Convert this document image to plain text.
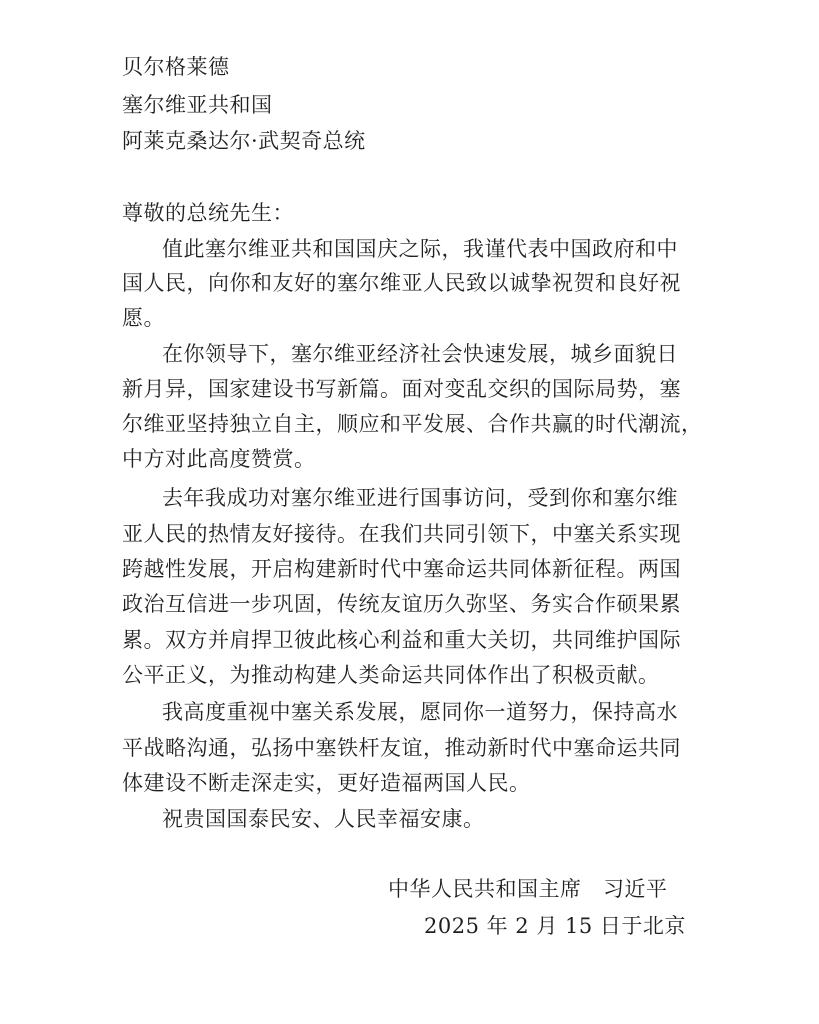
贝尔格莱德
塞尔维亚共和国
阿莱克桑达尔·武契奇总统
尊敬的总统先生：
值此塞尔维亚共和国国庆之际，我谨代表中国政府和中
国人民，向你和友好的塞尔维亚人民致以诚挚祝贺和良好祝
愿。
在你领导下，塞尔维亚经济社会快速发展，城乡面貌日
新月异，国家建设书写新篇。面对变乱交织的国际局势，塞
尔维亚坚持独立自主，顺应和平发展、合作共赢的时代潮流，
中方对此高度赞赏。
去年我成功对塞尔维亚进行国事访问，受到你和塞尔维
亚人民的热情友好接待。在我们共同引领下，中塞关系实现
跨越性发展，开启构建新时代中塞命运共同体新征程。两国
政治互信进一步巩固，传统友谊历久弥坚、务实合作硕果累
累。双方并肩捍卫彼此核心利益和重大关切，共同维护国际
公平正义，为推动构建人类命运共同体作出了积极贡献。
我高度重视中塞关系发展，愿同你一道努力，保持高水
平战略沟通，弘扬中塞铁杆友谊，推动新时代中塞命运共同
体建设不断走深走实，更好造福两国人民。
祝贵国国泰民安、人民幸福安康。
中华人民共和国主席　习近平
2025 年 2 月 15 日于北京
